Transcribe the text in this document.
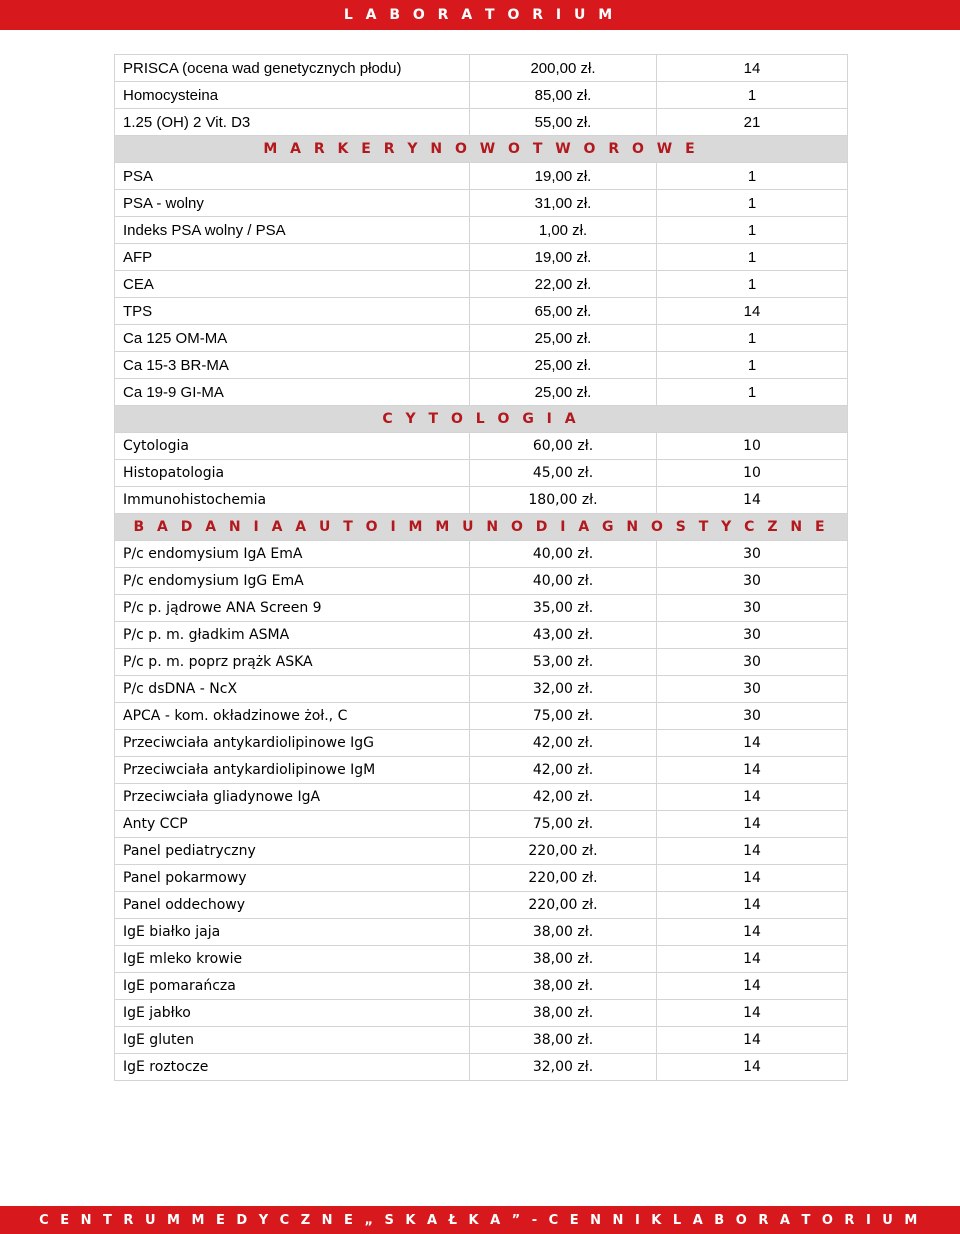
L A B O R A T O R I U M
PRISCA (ocena wad genetycznych płodu)	200,00 zł.	14
Homocysteina	85,00 zł.	1
1.25 (OH) 2 Vit. D3	55,00 zł.	21
M A R K E R Y N O W O T W O R O W E		
PSA	19,00 zł.	1
PSA - wolny	31,00 zł.	1
Indeks PSA wolny / PSA	1,00 zł.	1
AFP	19,00 zł.	1
CEA	22,00 zł.	1
TPS	65,00 zł.	14
Ca 125 OM-MA	25,00 zł.	1
Ca 15-3 BR-MA	25,00 zł.	1
Ca 19-9 GI-MA	25,00 zł.	1
C Y T O L O G I A		
Cytologia	60,00 zł.	10
Histopatologia	45,00 zł.	10
Immunohistochemia	180,00 zł.	14
B A D A N I A A U T O I M M U N O D I A G N O S T Y C Z N E		
P/c endomysium IgA EmA	40,00 zł.	30
P/c endomysium IgG EmA	40,00 zł.	30
P/c p. jądrowe ANA Screen 9	35,00 zł.	30
P/c p. m. gładkim ASMA	43,00 zł.	30
P/c p. m. poprz prążk ASKA	53,00 zł.	30
P/c dsDNA - NcX	32,00 zł.	30
APCA - kom. okładzinowe żoł., C	75,00 zł.	30
Przeciwciała antykardiolipinowe IgG	42,00 zł.	14
Przeciwciała antykardiolipinowe IgM	42,00 zł.	14
Przeciwciała gliadynowe IgA	42,00 zł.	14
Anty CCP	75,00 zł.	14
Panel pediatryczny	220,00 zł.	14
Panel pokarmowy	220,00 zł.	14
Panel oddechowy	220,00 zł.	14
IgE białko jaja	38,00 zł.	14
IgE mleko krowie	38,00 zł.	14
IgE pomarańcza	38,00 zł.	14
IgE jabłko	38,00 zł.	14
IgE gluten	38,00 zł.	14
IgE roztocze	32,00 zł.	14
C E N T R U M M E D Y C Z N E „ S K A Ł K A ” - C E N N I K L A B O R A T O R I U M
